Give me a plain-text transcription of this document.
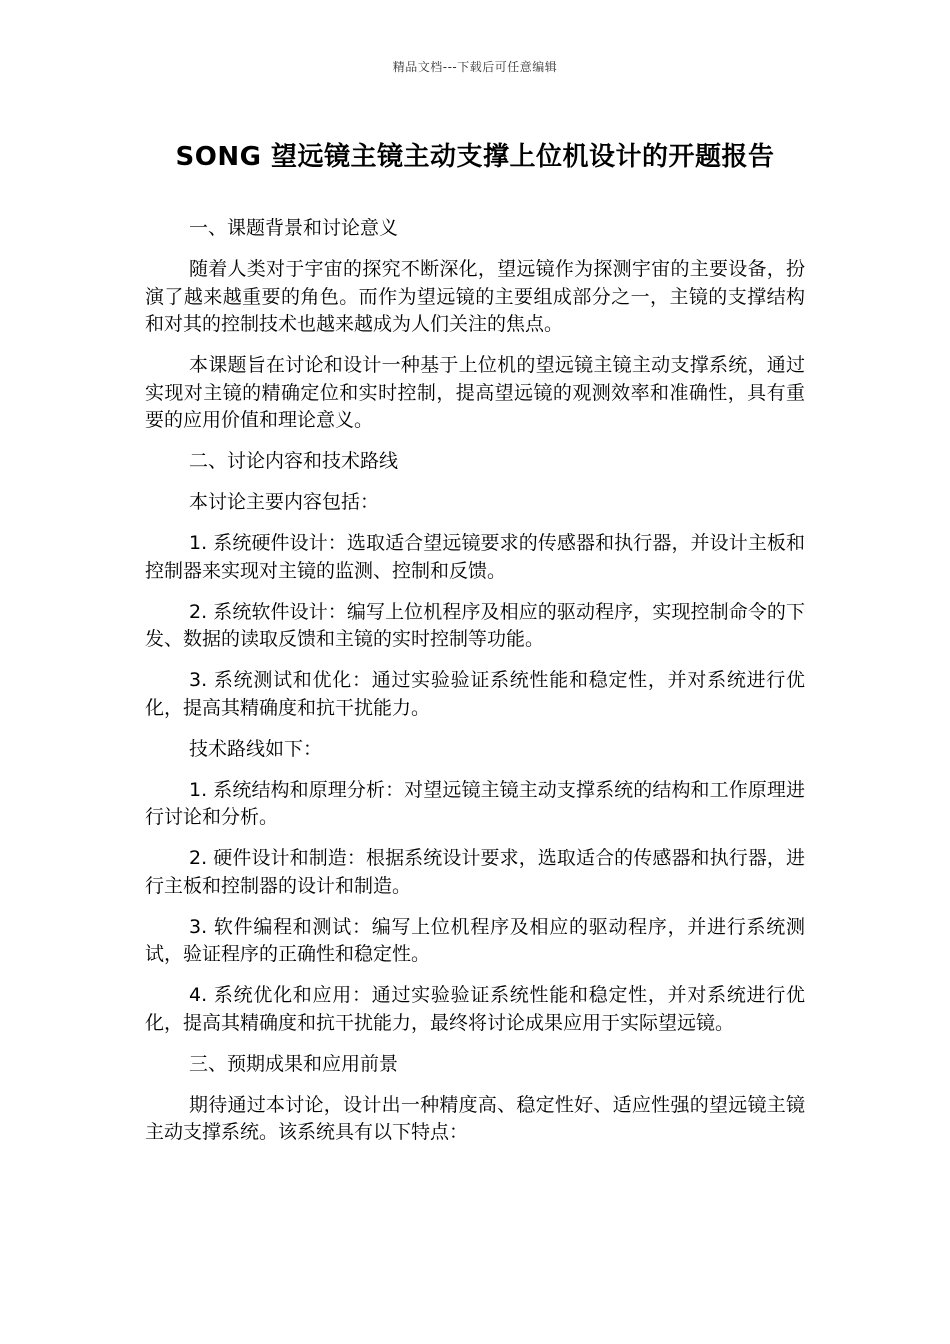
精品文档---下载后可任意编辑
SONG 望远镜主镜主动支撑上位机设计的开题报告

一、课题背景和讨论意义

随着人类对于宇宙的探究不断深化，望远镜作为探测宇宙的主要设备，扮演了越来越重要的角色。而作为望远镜的主要组成部分之一，主镜的支撑结构和对其的控制技术也越来越成为人们关注的焦点。

本课题旨在讨论和设计一种基于上位机的望远镜主镜主动支撑系统，通过实现对主镜的精确定位和实时控制，提高望远镜的观测效率和准确性，具有重要的应用价值和理论意义。

二、讨论内容和技术路线

本讨论主要内容包括：

1. 系统硬件设计：选取适合望远镜要求的传感器和执行器，并设计主板和控制器来实现对主镜的监测、控制和反馈。

2. 系统软件设计：编写上位机程序及相应的驱动程序，实现控制命令的下发、数据的读取反馈和主镜的实时控制等功能。

3. 系统测试和优化：通过实验验证系统性能和稳定性，并对系统进行优化，提高其精确度和抗干扰能力。

技术路线如下：

1. 系统结构和原理分析：对望远镜主镜主动支撑系统的结构和工作原理进行讨论和分析。

2. 硬件设计和制造：根据系统设计要求，选取适合的传感器和执行器，进行主板和控制器的设计和制造。

3. 软件编程和测试：编写上位机程序及相应的驱动程序，并进行系统测试，验证程序的正确性和稳定性。

4. 系统优化和应用：通过实验验证系统性能和稳定性，并对系统进行优化，提高其精确度和抗干扰能力，最终将讨论成果应用于实际望远镜。

三、预期成果和应用前景

期待通过本讨论，设计出一种精度高、稳定性好、适应性强的望远镜主镜主动支撑系统。该系统具有以下特点：
